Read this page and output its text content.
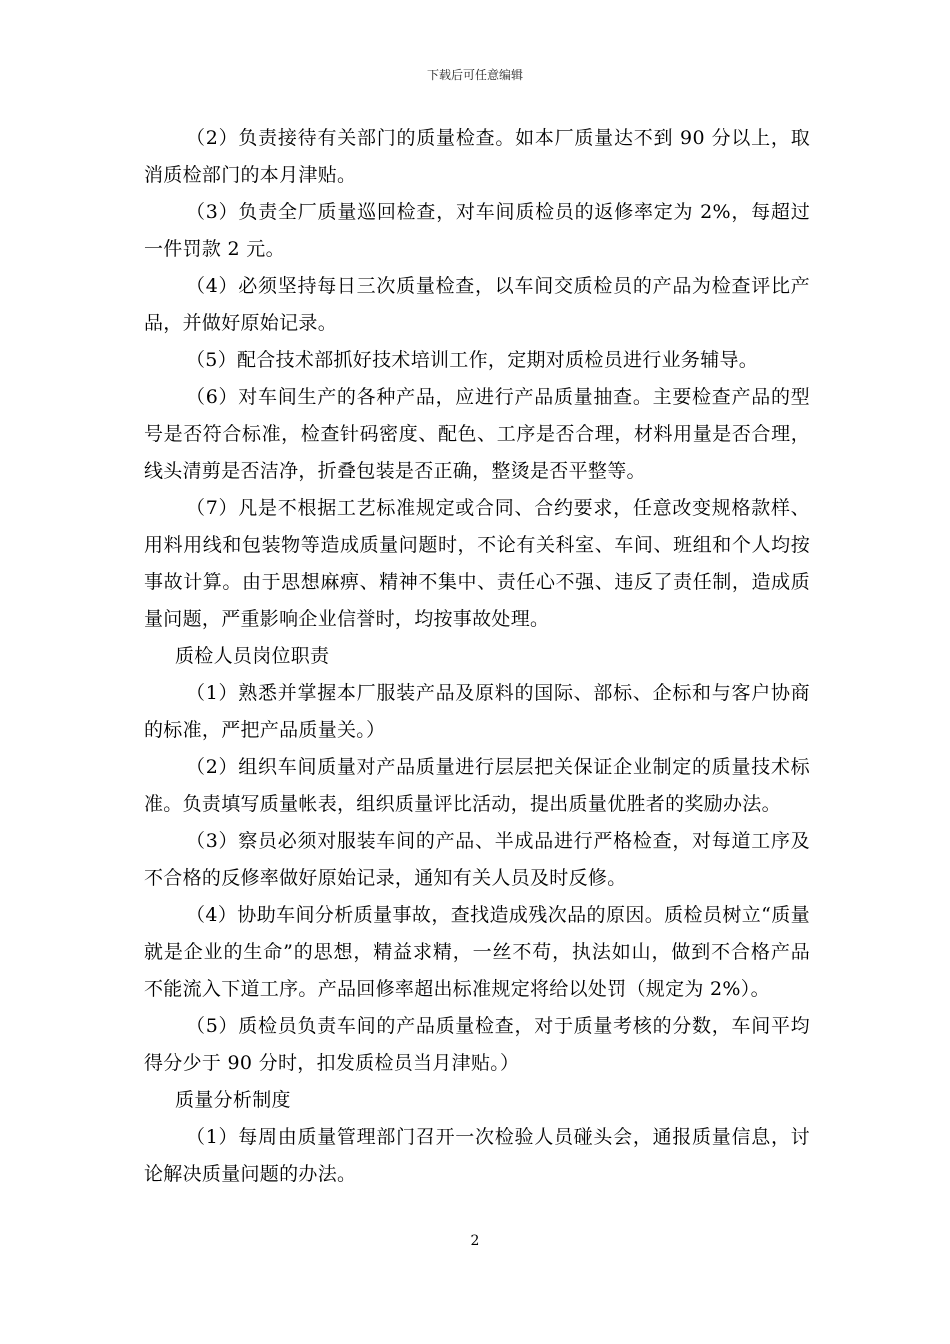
下载后可任意编辑

（2）负责接待有关部门的质量检查。如本厂质量达不到 90 分以上，取消质检部门的本月津贴。

（3）负责全厂质量巡回检查，对车间质检员的返修率定为 2%，每超过一件罚款 2 元。

（4）必须坚持每日三次质量检查，以车间交质检员的产品为检查评比产品，并做好原始记录。

（5）配合技术部抓好技术培训工作，定期对质检员进行业务辅导。

（6）对车间生产的各种产品，应进行产品质量抽查。主要检查产品的型号是否符合标准，检查针码密度、配色、工序是否合理，材料用量是否合理，线头清剪是否洁净，折叠包装是否正确，整烫是否平整等。

（7）凡是不根据工艺标准规定或合同、合约要求，任意改变规格款样、用料用线和包装物等造成质量问题时，不论有关科室、车间、班组和个人均按事故计算。由于思想麻痹、精神不集中、责任心不强、违反了责任制，造成质量问题，严重影响企业信誉时，均按事故处理。

质检人员岗位职责

（1）熟悉并掌握本厂服装产品及原料的国际、部标、企标和与客户协商的标准，严把产品质量关。）

（2）组织车间质量对产品质量进行层层把关保证企业制定的质量技术标准。负责填写质量帐表，组织质量评比活动，提出质量优胜者的奖励办法。

（3）察员必须对服装车间的产品、半成品进行严格检查，对每道工序及不合格的反修率做好原始记录，通知有关人员及时反修。

（4）协助车间分析质量事故，查找造成残次品的原因。质检员树立“质量就是企业的生命”的思想，精益求精，一丝不苟，执法如山，做到不合格产品不能流入下道工序。产品回修率超出标准规定将给以处罚（规定为 2%）。

（5）质检员负责车间的产品质量检查，对于质量考核的分数，车间平均得分少于 90 分时，扣发质检员当月津贴。）

质量分析制度

（1）每周由质量管理部门召开一次检验人员碰头会，通报质量信息，讨论解决质量问题的办法。

2
